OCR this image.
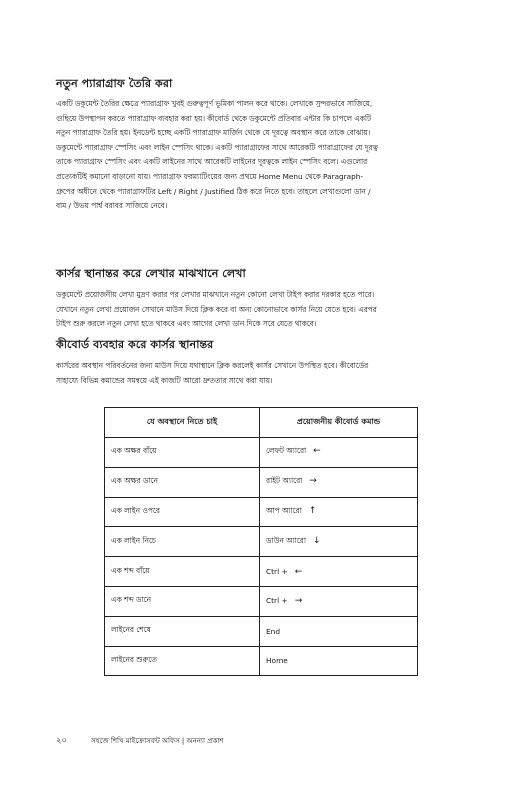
নতুন প্যারাগ্রাফ তৈরি করা

একটি ডকুমেন্ট তৈরির ক্ষেত্রে প্যারাগ্রাফ খুবই গুরুত্বপূর্ণ ভূমিকা পালন করে থাকে। লেখাকে সুন্দরভাবে সাজিয়ে,
গুছিয়ে উপস্থাপন করতে প্যারাগ্রাফ ব্যবহার করা হয়। কীবোর্ড থেকে ডকুমেন্টে প্রতিবার এন্টার কি চাপলে একটি
নতুন প্যারাগ্রাফ তৈরি হয়। ইনডেন্ট হচ্ছে একটি প্যারাগ্রাফ মার্জিন থেকে যে দূরত্বে অবস্থান করে তাকে বোঝায়।
ডকুমেন্টে প্যারাগ্রাফ স্পেসিং এবং লাইন স্পেসিং থাকে। একটি প্যারাগ্রাফের সাথে আরেকটি প্যারাগ্রাফের যে দূরত্ব
তাকে প্যারাগ্রাফ স্পেসিং এবং একটি লাইনের সাথে আরেকটি লাইনের দূরত্বকে লাইন স্পেসিং বলে। এগুলোর
প্রত্যেকটিই কমানো বাড়ানো যায়। প্যারাগ্রাফ ফরম্যাটিংয়ের জন্য প্রথমে Home Menu থেকে Paragraph-
গ্রুপের অধীনে থেকে প্যারাগ্রাফটির Left / Right / Justified ঠিক করে নিতে হবে। তাহলে লেখাগুলো ডান /
বাম / উভয় পার্শ্ব বরাবর সাজিয়ে নেবে।

কার্সর স্থানান্তর করে লেখার মাঝখানে লেখা

ডকুমেন্টে প্রয়োজনীয় লেখা মুদ্রণ করার পর লেখার মাঝখানে নতুন কোনো লেখা টাইপ করার দরকার হতে পারে।
যেখানে নতুন লেখা প্রয়োজন সেখানে মাউস দিয়ে ক্লিক করে বা অন্য কোনোভাবে কার্সর নিয়ে যেতে হবে। এরপর
টাইপ শুরু করলে নতুন লেখা হতে থাকবে এবং আগের লেখা ডান দিকে সরে যেতে থাকবে।

কীবোর্ড ব্যবহার করে কার্সর স্থানান্তর

কার্সরের অবস্থান পরিবর্তনের জন্য মাউস দিয়ে যথাস্থানে ক্লিক করলেই কার্সর সেখানে উপস্থিত হবে। কীবোর্ডের
সাহায্যে বিভিন্ন কমান্ডের সমন্বয়ে এই কাজটি আরো দ্রুততার সাথে করা যায়।

যে অবস্থানে নিতে চাই	প্রয়োজনীয় কীবোর্ড কমান্ড
এক অক্ষর বাঁয়ে	লেফট অ্যারো ←
এক অক্ষর ডানে	রাইট অ্যারো →
এক লাইন ওপরে	আপ অ্যারো ↑
এক লাইন নিচে	ডাউন অ্যারো ↓
এক শব্দ বাঁয়ে	Ctrl + ←
এক শব্দ ডানে	Ctrl + →
লাইনের শেষে	End
লাইনের শুরুতে	Home
২০	সহজে শিখি মাইক্রোসফট অফিস | অনন্যা প্রকাশ
